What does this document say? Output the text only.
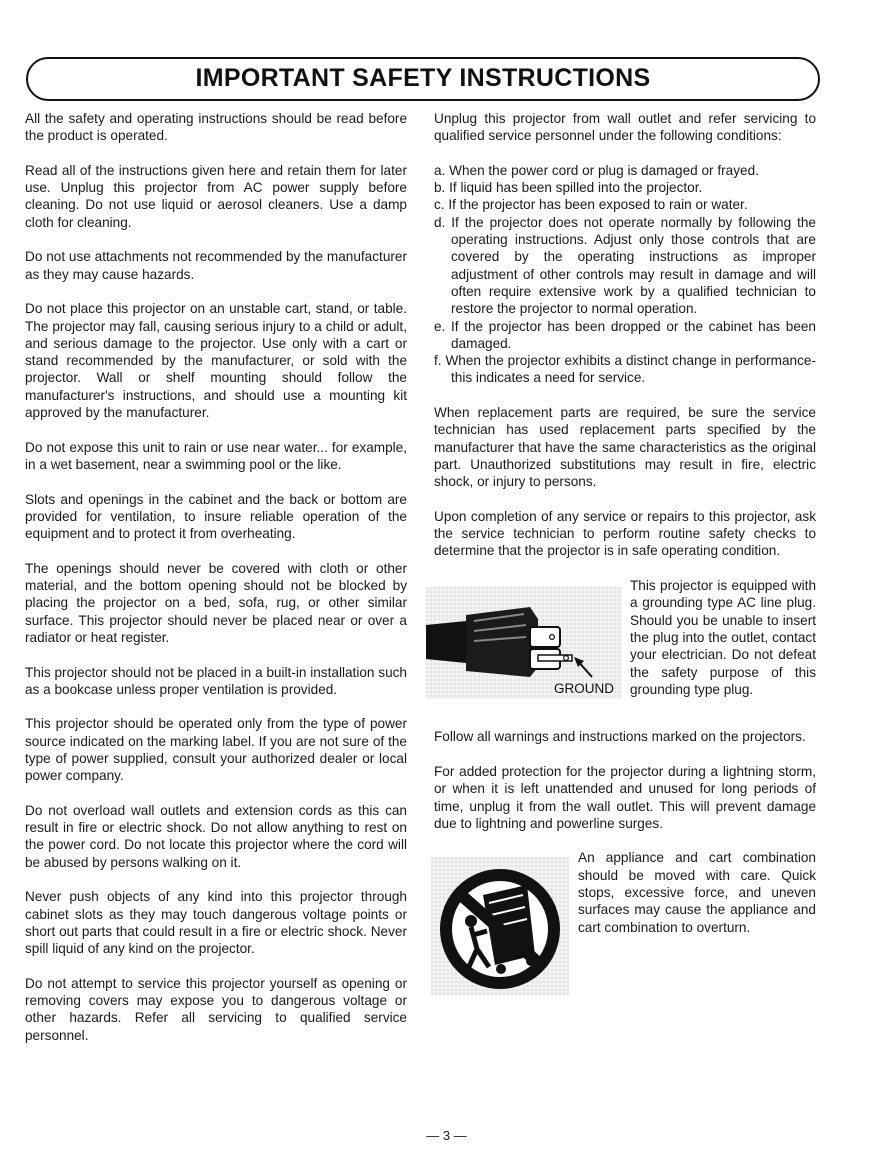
IMPORTANT SAFETY INSTRUCTIONS

All the safety and operating instructions should be read before the product is operated.

Read all of the instructions given here and retain them for later use. Unplug this projector from AC power supply before cleaning. Do not use liquid or aerosol cleaners. Use a damp cloth for cleaning.

Do not use attachments not recommended by the manufacturer as they may cause hazards.

Do not place this projector on an unstable cart, stand, or table. The projector may fall, causing serious injury to a child or adult, and serious damage to the projector. Use only with a cart or stand recommended by the manufacturer, or sold with the projector. Wall or shelf mounting should follow the manufacturer's instructions, and should use a mounting kit approved by the manufacturer.

Do not expose this unit to rain or use near water... for example, in a wet basement, near a swimming pool or the like.

Slots and openings in the cabinet and the back or bottom are provided for ventilation, to insure reliable operation of the equipment and to protect it from overheating.

The openings should never be covered with cloth or other material, and the bottom opening should not be blocked by placing the projector on a bed, sofa, rug, or other similar surface. This projector should never be placed near or over a radiator or heat register.

This projector should not be placed in a built-in installation such as a bookcase unless proper ventilation is provided.

This projector should be operated only from the type of power source indicated on the marking label. If you are not sure of the type of power supplied, consult your authorized dealer or local power company.

Do not overload wall outlets and extension cords as this can result in fire or electric shock. Do not allow anything to rest on the power cord. Do not locate this projector where the cord will be abused by persons walking on it.

Never push objects of any kind into this projector through cabinet slots as they may touch dangerous voltage points or short out parts that could result in a fire or electric shock. Never spill liquid of any kind on the projector.

Do not attempt to service this projector yourself as opening or removing covers may expose you to dangerous voltage or other hazards. Refer all servicing to qualified service personnel.

Unplug this projector from wall outlet and refer servicing to qualified service personnel under the following conditions:

a. When the power cord or plug is damaged or frayed.
b. If liquid has been spilled into the projector.
c. If the projector has been exposed to rain or water.
d. If the projector does not operate normally by following the operating instructions. Adjust only those controls that are covered by the operating instructions as improper adjustment of other controls may result in damage and will often require extensive work by a qualified technician to restore the projector to normal operation.
e. If the projector has been dropped or the cabinet has been damaged.
f. When the projector exhibits a distinct change in performance-this indicates a need for service.

When replacement parts are required, be sure the service technician has used replacement parts specified by the manufacturer that have the same characteristics as the original part. Unauthorized substitutions may result in fire, electric shock, or injury to persons.

Upon completion of any service or repairs to this projector, ask the service technician to perform routine safety checks to determine that the projector is in safe operating condition.

GROUND
This projector is equipped with a grounding type AC line plug. Should you be unable to insert the plug into the outlet, contact your electrician. Do not defeat the safety purpose of this grounding type plug.

Follow all warnings and instructions marked on the projectors.

For added protection for the projector during a lightning storm, or when it is left unattended and unused for long periods of time, unplug it from the wall outlet. This will prevent damage due to lightning and powerline surges.

An appliance and cart combination should be moved with care. Quick stops, excessive force, and uneven surfaces may cause the appliance and cart combination to overturn.
— 3 —
